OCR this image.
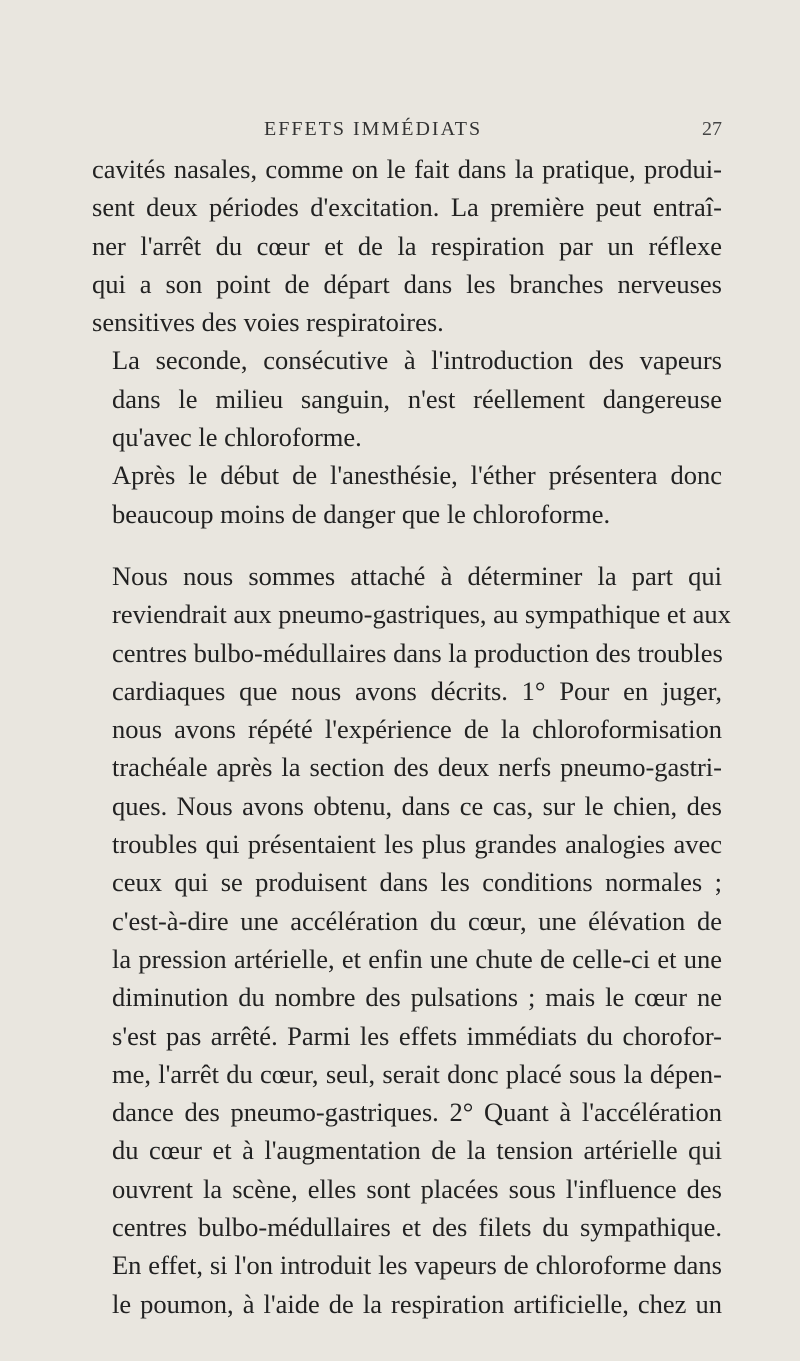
EFFETS IMMÉDIATS	27

cavités nasales, comme on le fait dans la pratique, produi-
sent deux périodes d'excitation. La première peut entraî-
ner l'arrêt du cœur et de la respiration par un réflexe
qui a son point de départ dans les branches nerveuses
sensitives des voies respiratoires.

La seconde, consécutive à l'introduction des vapeurs
dans le milieu sanguin, n'est réellement dangereuse
qu'avec le chloroforme.

Après le début de l'anesthésie, l'éther présentera donc
beaucoup moins de danger que le chloroforme.

Nous nous sommes attaché à déterminer la part qui
reviendrait aux pneumo-gastriques, au sympathique et aux
centres bulbo-médullaires dans la production des troubles
cardiaques que nous avons décrits. 1° Pour en juger,
nous avons répété l'expérience de la chloroformisation
trachéale après la section des deux nerfs pneumo-gastri-
ques. Nous avons obtenu, dans ce cas, sur le chien, des
troubles qui présentaient les plus grandes analogies avec
ceux qui se produisent dans les conditions normales ;
c'est-à-dire une accélération du cœur, une élévation de
la pression artérielle, et enfin une chute de celle-ci et une
diminution du nombre des pulsations ; mais le cœur ne
s'est pas arrêté. Parmi les effets immédiats du chorofor-
me, l'arrêt du cœur, seul, serait donc placé sous la dépen-
dance des pneumo-gastriques. 2° Quant à l'accélération
du cœur et à l'augmentation de la tension artérielle qui
ouvrent la scène, elles sont placées sous l'influence des
centres bulbo-médullaires et des filets du sympathique.
En effet, si l'on introduit les vapeurs de chloroforme dans
le poumon, à l'aide de la respiration artificielle, chez un
